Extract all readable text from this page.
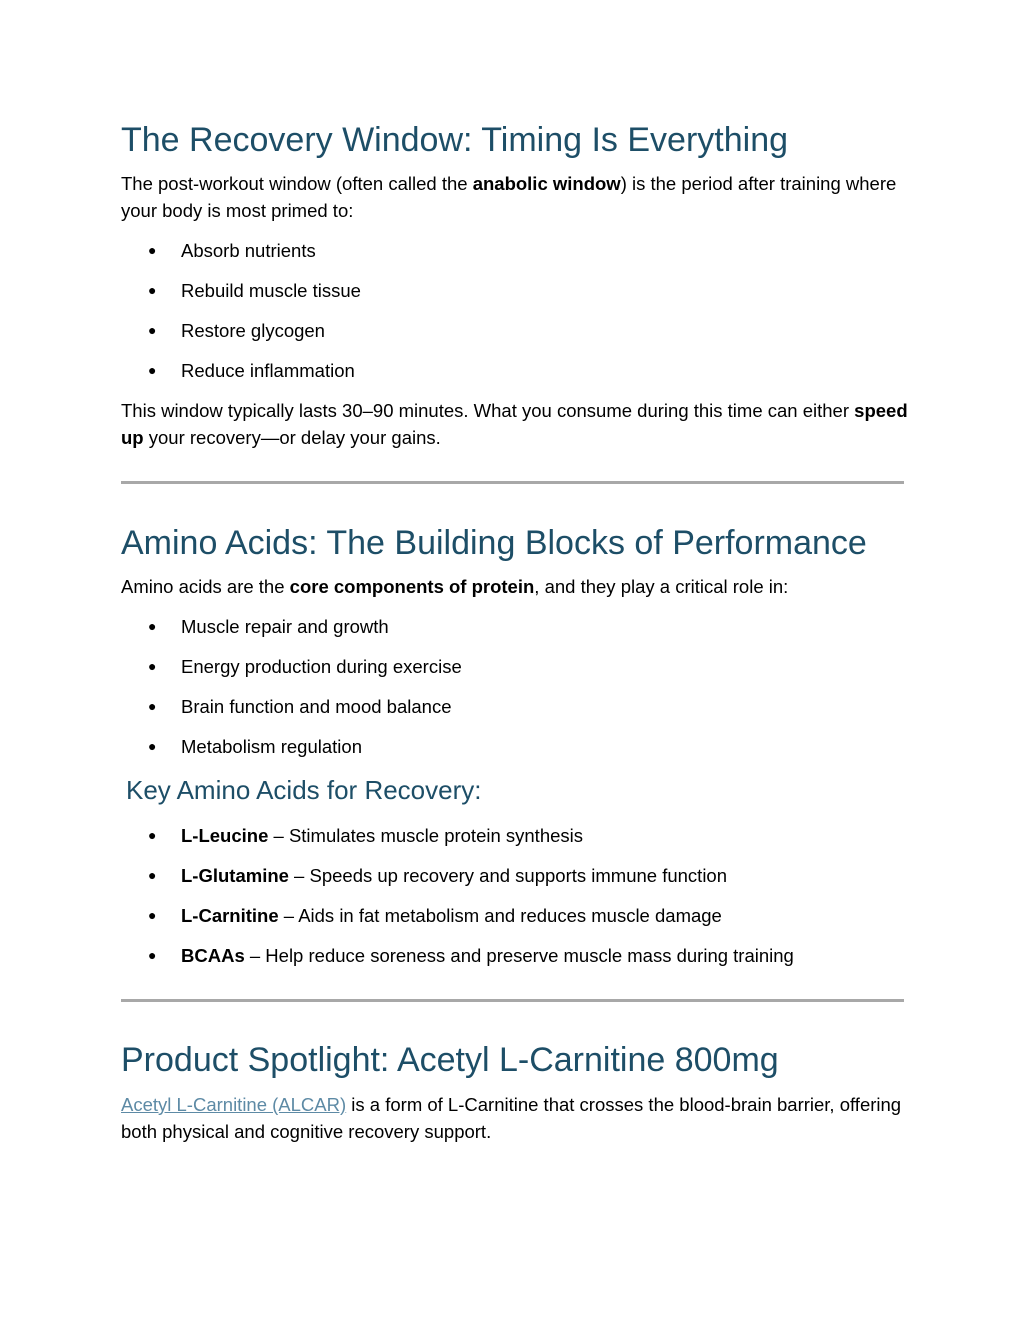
The Recovery Window: Timing Is Everything

The post-workout window (often called the anabolic window) is the period after training where your body is most primed to:

● Absorb nutrients
● Rebuild muscle tissue
● Restore glycogen
● Reduce inflammation

This window typically lasts 30–90 minutes. What you consume during this time can either speed up your recovery—or delay your gains.

Amino Acids: The Building Blocks of Performance

Amino acids are the core components of protein, and they play a critical role in:

● Muscle repair and growth
● Energy production during exercise
● Brain function and mood balance
● Metabolism regulation
Key Amino Acids for Recovery:
● L-Leucine – Stimulates muscle protein synthesis
● L-Glutamine – Speeds up recovery and supports immune function
● L-Carnitine – Aids in fat metabolism and reduces muscle damage
● BCAAs – Help reduce soreness and preserve muscle mass during training
Product Spotlight: Acetyl L-Carnitine 800mg

Acetyl L-Carnitine (ALCAR) is a form of L-Carnitine that crosses the blood-brain barrier, offering both physical and cognitive recovery support.
